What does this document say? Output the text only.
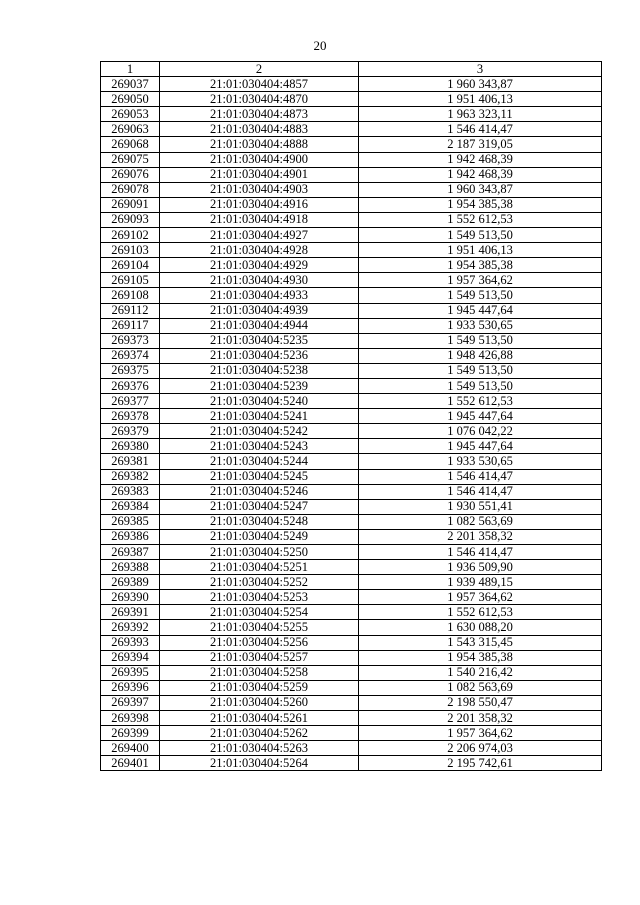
20
1	2	3
269037	21:01:030404:4857	1 960 343,87
269050	21:01:030404:4870	1 951 406,13
269053	21:01:030404:4873	1 963 323,11
269063	21:01:030404:4883	1 546 414,47
269068	21:01:030404:4888	2 187 319,05
269075	21:01:030404:4900	1 942 468,39
269076	21:01:030404:4901	1 942 468,39
269078	21:01:030404:4903	1 960 343,87
269091	21:01:030404:4916	1 954 385,38
269093	21:01:030404:4918	1 552 612,53
269102	21:01:030404:4927	1 549 513,50
269103	21:01:030404:4928	1 951 406,13
269104	21:01:030404:4929	1 954 385,38
269105	21:01:030404:4930	1 957 364,62
269108	21:01:030404:4933	1 549 513,50
269112	21:01:030404:4939	1 945 447,64
269117	21:01:030404:4944	1 933 530,65
269373	21:01:030404:5235	1 549 513,50
269374	21:01:030404:5236	1 948 426,88
269375	21:01:030404:5238	1 549 513,50
269376	21:01:030404:5239	1 549 513,50
269377	21:01:030404:5240	1 552 612,53
269378	21:01:030404:5241	1 945 447,64
269379	21:01:030404:5242	1 076 042,22
269380	21:01:030404:5243	1 945 447,64
269381	21:01:030404:5244	1 933 530,65
269382	21:01:030404:5245	1 546 414,47
269383	21:01:030404:5246	1 546 414,47
269384	21:01:030404:5247	1 930 551,41
269385	21:01:030404:5248	1 082 563,69
269386	21:01:030404:5249	2 201 358,32
269387	21:01:030404:5250	1 546 414,47
269388	21:01:030404:5251	1 936 509,90
269389	21:01:030404:5252	1 939 489,15
269390	21:01:030404:5253	1 957 364,62
269391	21:01:030404:5254	1 552 612,53
269392	21:01:030404:5255	1 630 088,20
269393	21:01:030404:5256	1 543 315,45
269394	21:01:030404:5257	1 954 385,38
269395	21:01:030404:5258	1 540 216,42
269396	21:01:030404:5259	1 082 563,69
269397	21:01:030404:5260	2 198 550,47
269398	21:01:030404:5261	2 201 358,32
269399	21:01:030404:5262	1 957 364,62
269400	21:01:030404:5263	2 206 974,03
269401	21:01:030404:5264	2 195 742,61
